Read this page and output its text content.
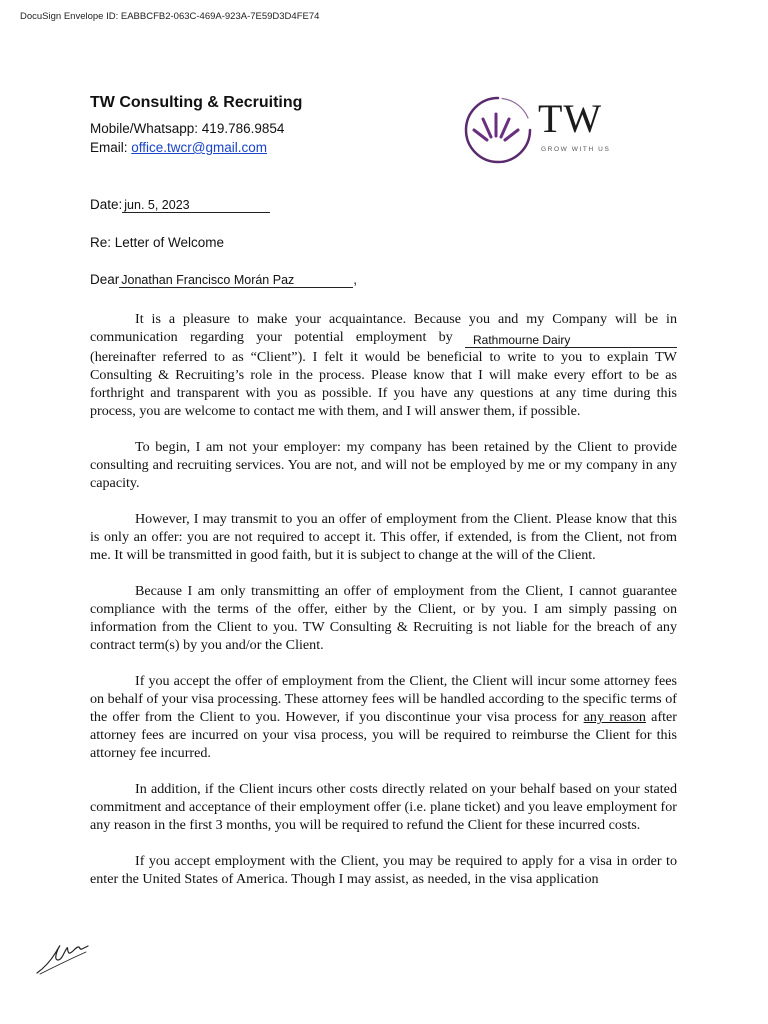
DocuSign Envelope ID: EABBCFB2-063C-469A-923A-7E59D3D4FE74
TW Consulting & Recruiting
Mobile/Whatsapp: 419.786.9854
Email: office.twcr@gmail.com
TW
GROW WITH US
Date: jun. 5, 2023
Re: Letter of Welcome
Dear Jonathan Francisco Morán Paz	,

It is a pleasure to make your acquaintance. Because you and my Company will be in communication regarding your potential employment by Rathmourne Dairy (hereinafter referred to as “Client”). I felt it would be beneficial to write to you to explain TW Consulting & Recruiting’s role in the process. Please know that I will make every effort to be as forthright and transparent with you as possible. If you have any questions at any time during this process, you are welcome to contact me with them, and I will answer them, if possible.

To begin, I am not your employer: my company has been retained by the Client to provide consulting and recruiting services. You are not, and will not be employed by me or my company in any capacity.

However, I may transmit to you an offer of employment from the Client. Please know that this is only an offer: you are not required to accept it. This offer, if extended, is from the Client, not from me. It will be transmitted in good faith, but it is subject to change at the will of the Client.

Because I am only transmitting an offer of employment from the Client, I cannot guarantee compliance with the terms of the offer, either by the Client, or by you. I am simply passing on information from the Client to you. TW Consulting & Recruiting is not liable for the breach of any contract term(s) by you and/or the Client.

If you accept the offer of employment from the Client, the Client will incur some attorney fees on behalf of your visa processing. These attorney fees will be handled according to the specific terms of the offer from the Client to you. However, if you discontinue your visa process for any reason after attorney fees are incurred on your visa process, you will be required to reimburse the Client for this attorney fee incurred.

In addition, if the Client incurs other costs directly related on your behalf based on your stated commitment and acceptance of their employment offer (i.e. plane ticket) and you leave employment for any reason in the first 3 months, you will be required to refund the Client for these incurred costs.

If you accept employment with the Client, you may be required to apply for a visa in order to enter the United States of America. Though I may assist, as needed, in the visa application
